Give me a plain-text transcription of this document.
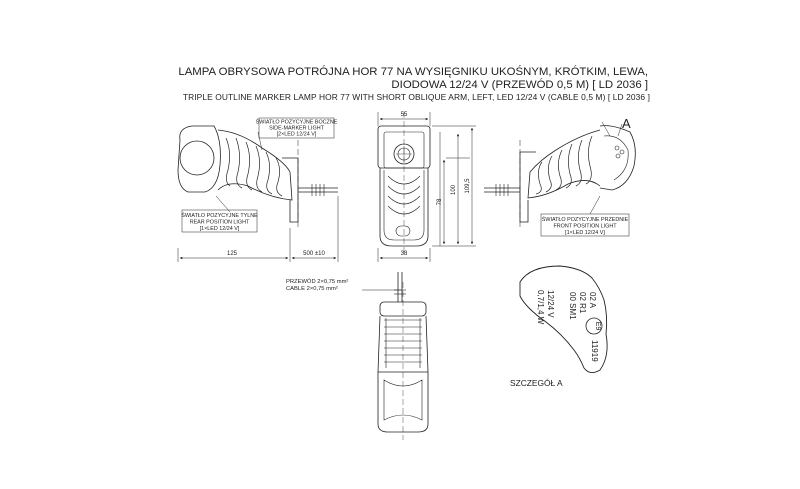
LAMPA OBRYSOWA POTRÓJNA HOR 77 NA WYSIĘGNIKU UKOŚNYM, KRÓTKIM, LEWA,
DIODOWA 12/24 V (PRZEWÓD 0,5 M) [ LD 2036 ]
TRIPLE OUTLINE MARKER LAMP HOR 77 WITH SHORT OBLIQUE ARM, LEFT, LED 12/24 V (CABLE 0,5 M) [ LD 2036 ]
ŚWIATŁO POZYCYJNE BOCZNE
SIDE-MARKER LIGHT
[2×LED 12/24 V]
ŚWIATŁO POZYCYJNE TYLNE
REAR POSITION LIGHT
[1×LED 12/24 V]
125	500 ±10
55
38
109,5
100
78
A
ŚWIATŁO POZYCYJNE PRZEDNIE
FRONT POSITION LIGHT
[1×LED 12/24 V]
PRZEWÓD 2×0,75 mm²
CABLE 2×0,75 mm²
12/24 V
0,7/1,4 W	00 SM1 02 R1 02 A
11919
E9
SZCZEGÓŁ A
